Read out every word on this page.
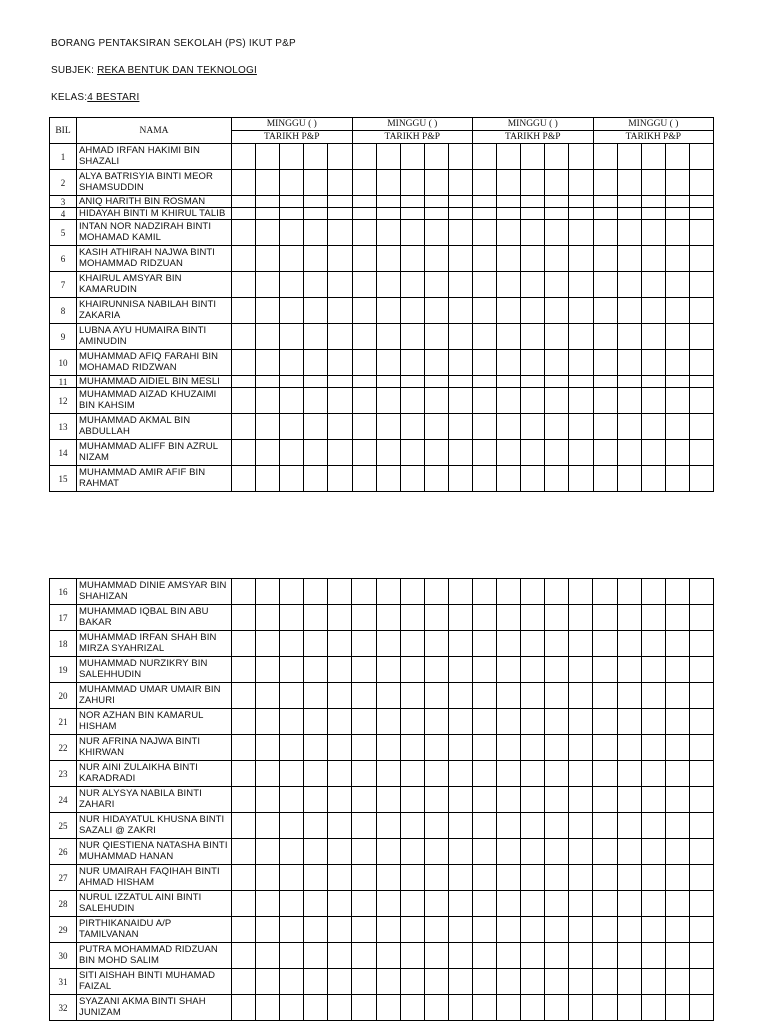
BORANG PENTAKSIRAN SEKOLAH (PS) IKUT P&P
SUBJEK: REKA BENTUK DAN TEKNOLOGI
KELAS:4 BESTARI
BIL	NAMA	MINGGU ( )					MINGGU ( )					MINGGU ( )					MINGGU ( )				
		TARIKH P&P					TARIKH P&P					TARIKH P&P					TARIKH P&P				
1	AHMAD IRFAN HAKIMI BIN SHAZALI																				
2	ALYA BATRISYIA BINTI MEOR SHAMSUDDIN																				
3	ANIQ HARITH BIN ROSMAN																				
4	HIDAYAH BINTI M KHIRUL TALIB																				
5	INTAN NOR NADZIRAH BINTI MOHAMAD KAMIL																				
6	KASIH ATHIRAH NAJWA BINTI MOHAMMAD RIDZUAN																				
7	KHAIRUL AMSYAR BIN KAMARUDIN																				
8	KHAIRUNNISA NABILAH BINTI ZAKARIA																				
9	LUBNA AYU HUMAIRA BINTI AMINUDIN																				
10	MUHAMMAD AFIQ FARAHI BIN MOHAMAD RIDZWAN																				
11	MUHAMMAD AIDIEL BIN MESLI																				
12	MUHAMMAD AIZAD KHUZAIMI BIN KAHSIM																				
13	MUHAMMAD AKMAL BIN ABDULLAH																				
14	MUHAMMAD ALIFF BIN AZRUL NIZAM																				
15	MUHAMMAD AMIR AFIF BIN RAHMAT																				
16	MUHAMMAD DINIE AMSYAR BIN SHAHIZAN																				
17	MUHAMMAD IQBAL BIN ABU BAKAR																				
18	MUHAMMAD IRFAN SHAH BIN MIRZA SYAHRIZAL																				
19	MUHAMMAD NURZIKRY BIN SALEHHUDIN																				
20	MUHAMMAD UMAR UMAIR BIN ZAHURI																				
21	NOR AZHAN BIN KAMARUL HISHAM																				
22	NUR AFRINA NAJWA BINTI KHIRWAN																				
23	NUR AINI ZULAIKHA BINTI KARADRADI																				
24	NUR ALYSYA NABILA BINTI ZAHARI																				
25	NUR HIDAYATUL KHUSNA BINTI SAZALI @ ZAKRI																				
26	NUR QIESTIENA NATASHA BINTI MUHAMMAD HANAN																				
27	NUR UMAIRAH FAQIHAH BINTI AHMAD HISHAM																				
28	NURUL IZZATUL AINI BINTI SALEHUDIN																				
29	PIRTHIKANAIDU A/P TAMILVANAN																				
30	PUTRA MOHAMMAD RIDZUAN BIN MOHD SALIM																				
31	SITI AISHAH BINTI MUHAMAD FAIZAL																				
32	SYAZANI AKMA BINTI SHAH JUNIZAM																				
